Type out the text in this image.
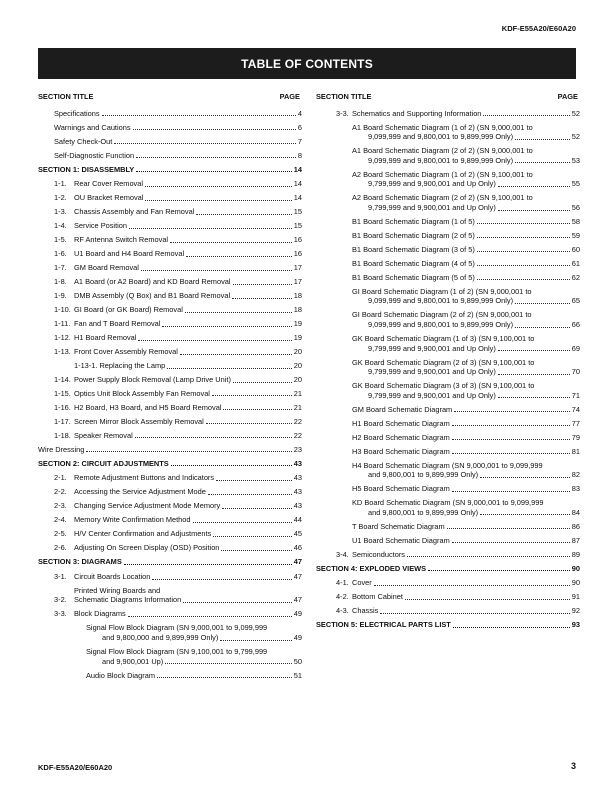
KDF-E55A20/E60A20
TABLE OF CONTENTS
SECTION TITLE	PAGE
Specifications	4
Warnings and Cautions	6
Safety Check-Out	7
Self-Diagnostic Function	8
SECTION 1: DISASSEMBLY	14
1-1. Rear Cover Removal	14
1-2. OU Bracket Removal	14
1-3. Chassis Assembly and Fan Removal	15
1-4. Service Position	15
1-5. RF Antenna Switch Removal	16
1-6. U1 Board and H4 Board Removal	16
1-7. GM Board Removal	17
1-8. A1 Board (or A2 Board) and KD Board Removal	17
1-9. DMB Assembly (Q Box) and B1 Board Removal	18
1-10. GI Board (or GK Board) Removal	18
1-11. Fan and T Board Removal	19
1-12. H1 Board Removal	19
1-13. Front Cover Assembly Removal	20
1-13-1. Replacing the Lamp	20
1-14. Power Supply Block Removal (Lamp Drive Unit)	20
1-15. Optics Unit Block Assembly Fan Removal	21
1-16. H2 Board, H3 Board, and H5 Board Removal	21
1-17. Screen Mirror Block Assembly Removal	22
1-18. Speaker Removal	22
Wire Dressing	23
SECTION 2: CIRCUIT ADJUSTMENTS	43
2-1. Remote Adjustment Buttons and Indicators	43
2-2. Accessing the Service Adjustment Mode	43
2-3. Changing Service Adjustment Mode Memory	43
2-4. Memory Write Confirmation Method	44
2-5. H/V Center Confirmation and Adjustments	45
2-6. Adjusting On Screen Display (OSD) Position	46
SECTION 3: DIAGRAMS	47
3-1. Circuit Boards Location	47
3-2.
Printed Wiring Boards and
Schematic Diagrams Information	47
3-3. Block Diagrams	49
Signal Flow Block Diagram (SN 9,000,001 to 9,099,999
and 9,800,000 and 9,899,999 Only)	49
Signal Flow Block Diagram (SN 9,100,001 to 9,799,999
and 9,900,001 Up)	50
Audio Block Diagram	51
SECTION TITLE	PAGE
3-3. Schematics and Supporting Information	52
A1 Board Schematic Diagram (1 of 2) (SN 9,000,001 to
9,099,999 and 9,800,001 to 9,899,999 Only)	52
A1 Board Schematic Diagram (2 of 2) (SN 9,000,001 to
9,099,999 and 9,800,001 to 9,899,999 Only)	53
A2 Board Schematic Diagram (1 of 2) (SN 9,100,001 to
9,799,999 and 9,900,001 and Up Only)	55
A2 Board Schematic Diagram (2 of 2) (SN 9,100,001 to
9,799,999 and 9,900,001 and Up Only)	56
B1 Board Schematic Diagram (1 of 5)	58
B1 Board Schematic Diagram (2 of 5)	59
B1 Board Schematic Diagram (3 of 5)	60
B1 Board Schematic Diagram (4 of 5)	61
B1 Board Schematic Diagram (5 of 5)	62
GI Board Schematic Diagram (1 of 2) (SN 9,000,001 to
9,099,999 and 9,800,001 to 9,899,999 Only)	65
GI Board Schematic Diagram (2 of 2) (SN 9,000,001 to
9,099,999 and 9,800,001 to 9,899,999 Only)	66
GK Board Schematic Diagram (1 of 3) (SN 9,100,001 to
9,799,999 and 9,900,001 and Up Only)	69
GK Board Schematic Diagram (2 of 3) (SN 9,100,001 to
9,799,999 and 9,900,001 and Up Only)	70
GK Board Schematic Diagram (3 of 3) (SN 9,100,001 to
9,799,999 and 9,900,001 and Up Only)	71
GM Board Schematic Diagram	74
H1 Board Schematic Diagram	77
H2 Board Schematic Diagram	79
H3 Board Schematic Diagram	81
H4 Board Schematic Diagram (SN 9,000,001 to 9,099,999
and 9,800,001 to 9,899,999 Only)	82
H5 Board Schematic Diagram	83
KD Board Schematic Diagram (SN 9,000,001 to 9,099,999
and 9,800,001 to 9,899,999 Only)	84
T Board Schematic Diagram	86
U1 Board Schematic Diagram	87
3-4. Semiconductors	89
SECTION 4: EXPLODED VIEWS	90
4-1. Cover	90
4-2. Bottom Cabinet	91
4-3. Chassis	92
SECTION 5: ELECTRICAL PARTS LIST	93
KDF-E55A20/E60A20	3
